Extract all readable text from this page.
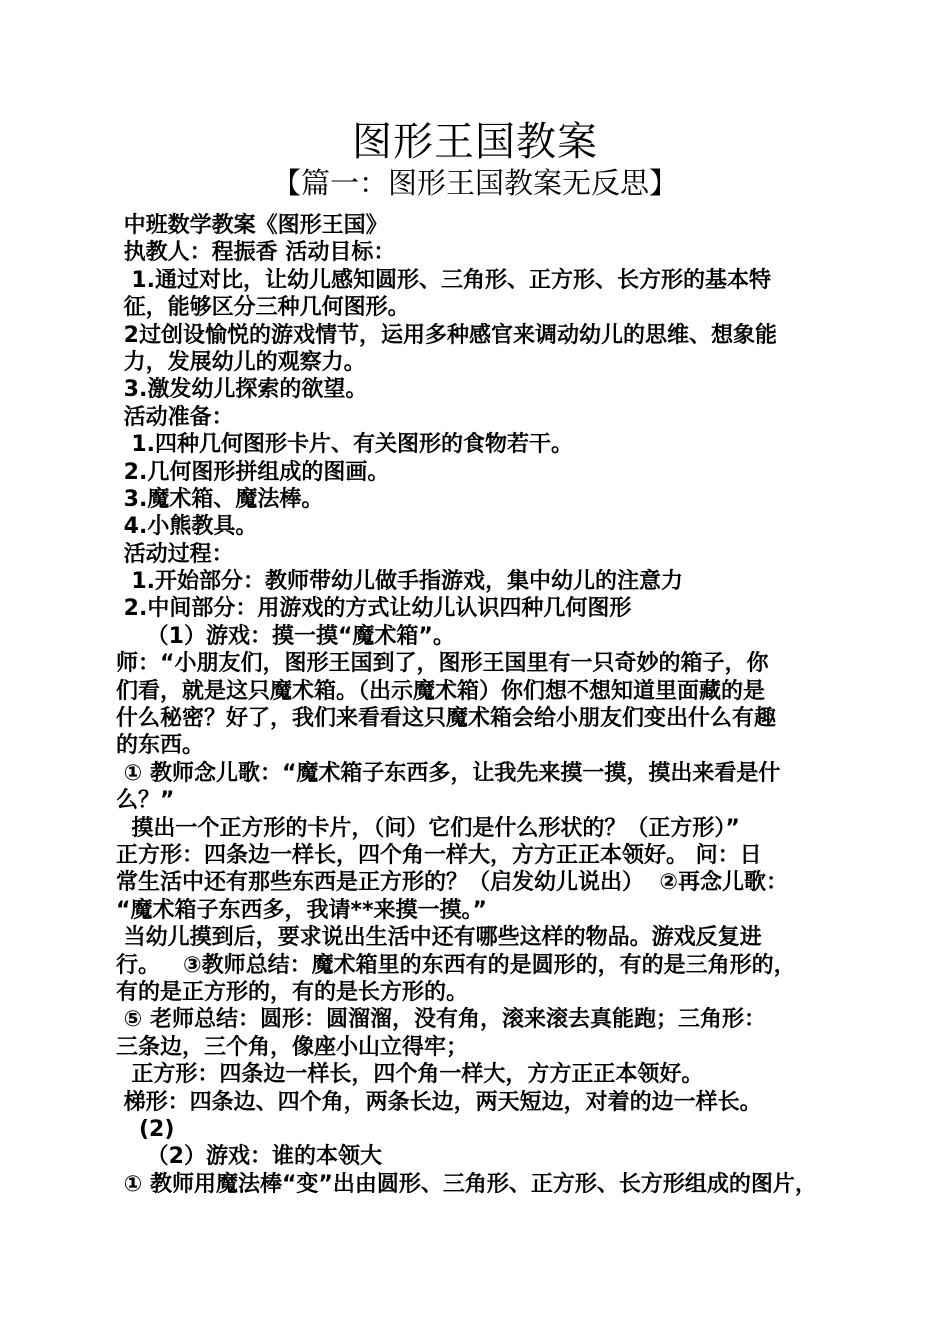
图形王国教案
【篇一：图形王国教案无反思】
中班数学教案《图形王国》
执教人：程振香 活动目标：
1.通过对比，让幼儿感知圆形、三角形、正方形、长方形的基本特
征，能够区分三种几何图形。
2过创设愉悦的游戏情节，运用多种感官来调动幼儿的思维、想象能
力，发展幼儿的观察力。
3.激发幼儿探索的欲望。
活动准备：
1.四种几何图形卡片、有关图形的食物若干。
2.几何图形拼组成的图画。
3.魔术箱、魔法棒。
4.小熊教具。
活动过程：
1.开始部分：教师带幼儿做手指游戏，集中幼儿的注意力
2.中间部分：用游戏的方式让幼儿认识四种几何图形
（1）游戏：摸一摸“魔术箱”。
师：“小朋友们，图形王国到了，图形王国里有一只奇妙的箱子，你
们看，就是这只魔术箱。（出示魔术箱）你们想不想知道里面藏的是
什么秘密？好了，我们来看看这只魔术箱会给小朋友们变出什么有趣
的东西。
① 教师念儿歌：“魔术箱子东西多，让我先来摸一摸，摸出来看是什
么？”
摸出一个正方形的卡片，（问）它们是什么形状的？（正方形）”
正方形：四条边一样长，四个角一样大，方方正正本领好。 问：日
常生活中还有那些东西是正方形的？（启发幼儿说出）  ②再念儿歌：
“魔术箱子东西多，我请**来摸一摸。”
当幼儿摸到后，要求说出生活中还有哪些这样的物品。游戏反复进
行。   ③教师总结：魔术箱里的东西有的是圆形的，有的是三角形的，
有的是正方形的，有的是长方形的。
⑤ 老师总结：圆形：圆溜溜，没有角，滚来滚去真能跑；三角形：
三条边，三个角，像座小山立得牢；
正方形：四条边一样长，四个角一样大，方方正正本领好。
梯形：四条边、四个角，两条长边，两天短边，对着的边一样长。
(2)
（2）游戏：谁的本领大
① 教师用魔法棒“变”出由圆形、三角形、正方形、长方形组成的图片，
